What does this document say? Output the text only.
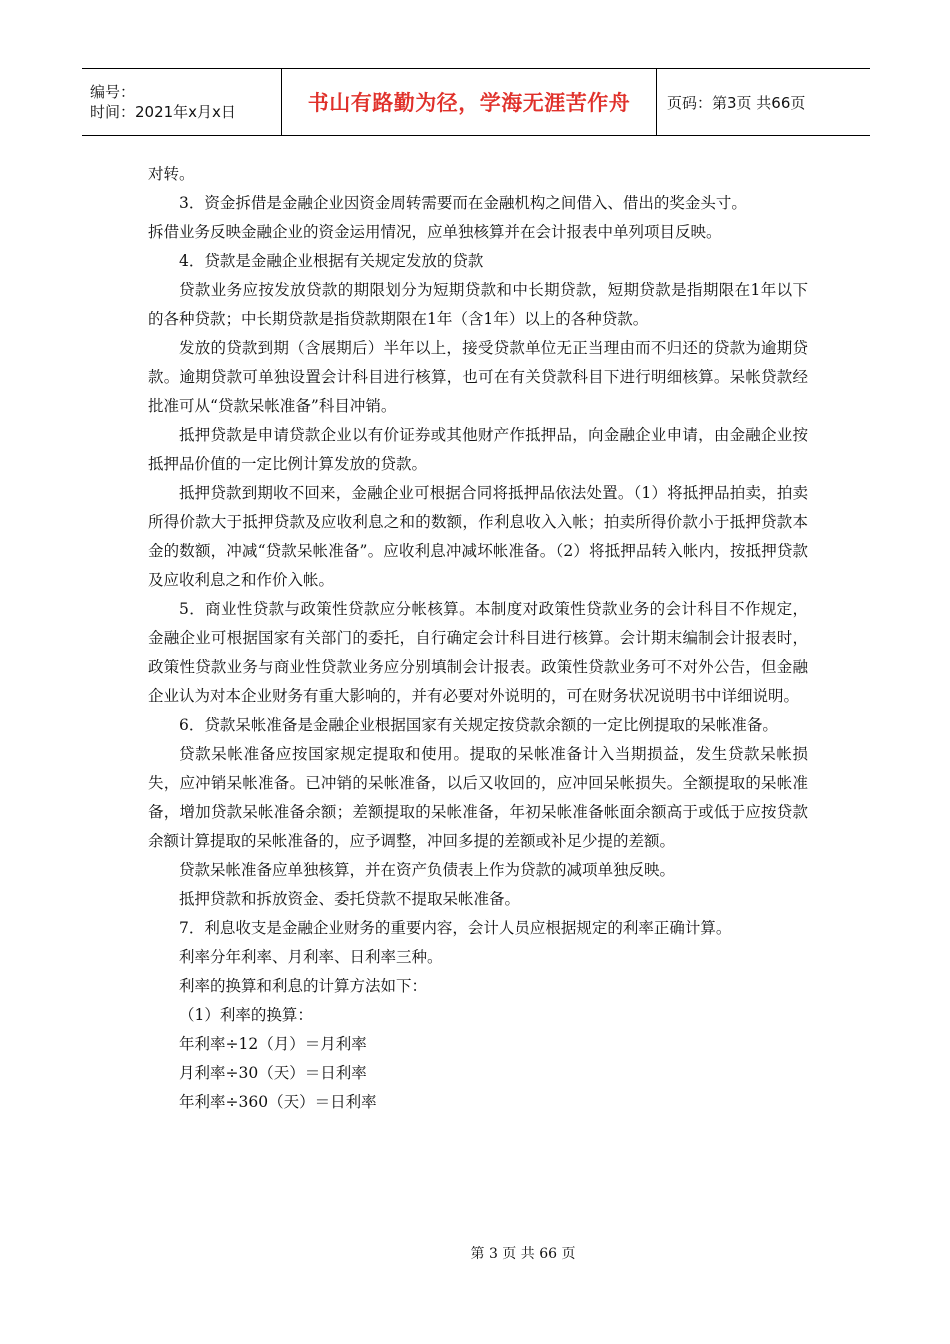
编号：
时间：2021年x月x日	书山有路勤为径，学海无涯苦作舟 页码：第3页 共66页

对转。

3．资金拆借是金融企业因资金周转需要而在金融机构之间借入、借出的奖金头寸。

拆借业务反映金融企业的资金运用情况，应单独核算并在会计报表中单列项目反映。

4．贷款是金融企业根据有关规定发放的贷款

贷款业务应按发放贷款的期限划分为短期贷款和中长期贷款，短期贷款是指期限在1年以下的各种贷款；中长期贷款是指贷款期限在1年（含1年）以上的各种贷款。

发放的贷款到期（含展期后）半年以上，接受贷款单位无正当理由而不归还的贷款为逾期贷款。逾期贷款可单独设置会计科目进行核算，也可在有关贷款科目下进行明细核算。呆帐贷款经批准可从“贷款呆帐准备”科目冲销。

抵押贷款是申请贷款企业以有价证券或其他财产作抵押品，向金融企业申请，由金融企业按抵押品价值的一定比例计算发放的贷款。

抵押贷款到期收不回来，金融企业可根据合同将抵押品依法处置。（1）将抵押品拍卖，拍卖所得价款大于抵押贷款及应收利息之和的数额，作利息收入入帐；拍卖所得价款小于抵押贷款本金的数额，冲减“贷款呆帐准备”。应收利息冲减坏帐准备。（2）将抵押品转入帐内，按抵押贷款及应收利息之和作价入帐。

5．商业性贷款与政策性贷款应分帐核算。本制度对政策性贷款业务的会计科目不作规定，金融企业可根据国家有关部门的委托，自行确定会计科目进行核算。会计期末编制会计报表时，政策性贷款业务与商业性贷款业务应分别填制会计报表。政策性贷款业务可不对外公告，但金融企业认为对本企业财务有重大影响的，并有必要对外说明的，可在财务状况说明书中详细说明。

6．贷款呆帐准备是金融企业根据国家有关规定按贷款余额的一定比例提取的呆帐准备。

贷款呆帐准备应按国家规定提取和使用。提取的呆帐准备计入当期损益，发生贷款呆帐损失，应冲销呆帐准备。已冲销的呆帐准备，以后又收回的，应冲回呆帐损失。全额提取的呆帐准备，增加贷款呆帐准备余额；差额提取的呆帐准备，年初呆帐准备帐面余额高于或低于应按贷款余额计算提取的呆帐准备的，应予调整，冲回多提的差额或补足少提的差额。

贷款呆帐准备应单独核算，并在资产负债表上作为贷款的减项单独反映。

抵押贷款和拆放资金、委托贷款不提取呆帐准备。

7．利息收支是金融企业财务的重要内容，会计人员应根据规定的利率正确计算。

利率分年利率、月利率、日利率三种。

利率的换算和利息的计算方法如下：

（1）利率的换算：

年利率÷12（月）＝月利率

月利率÷30（天）＝日利率

年利率÷360（天）＝日利率

第 3 页 共 66 页
